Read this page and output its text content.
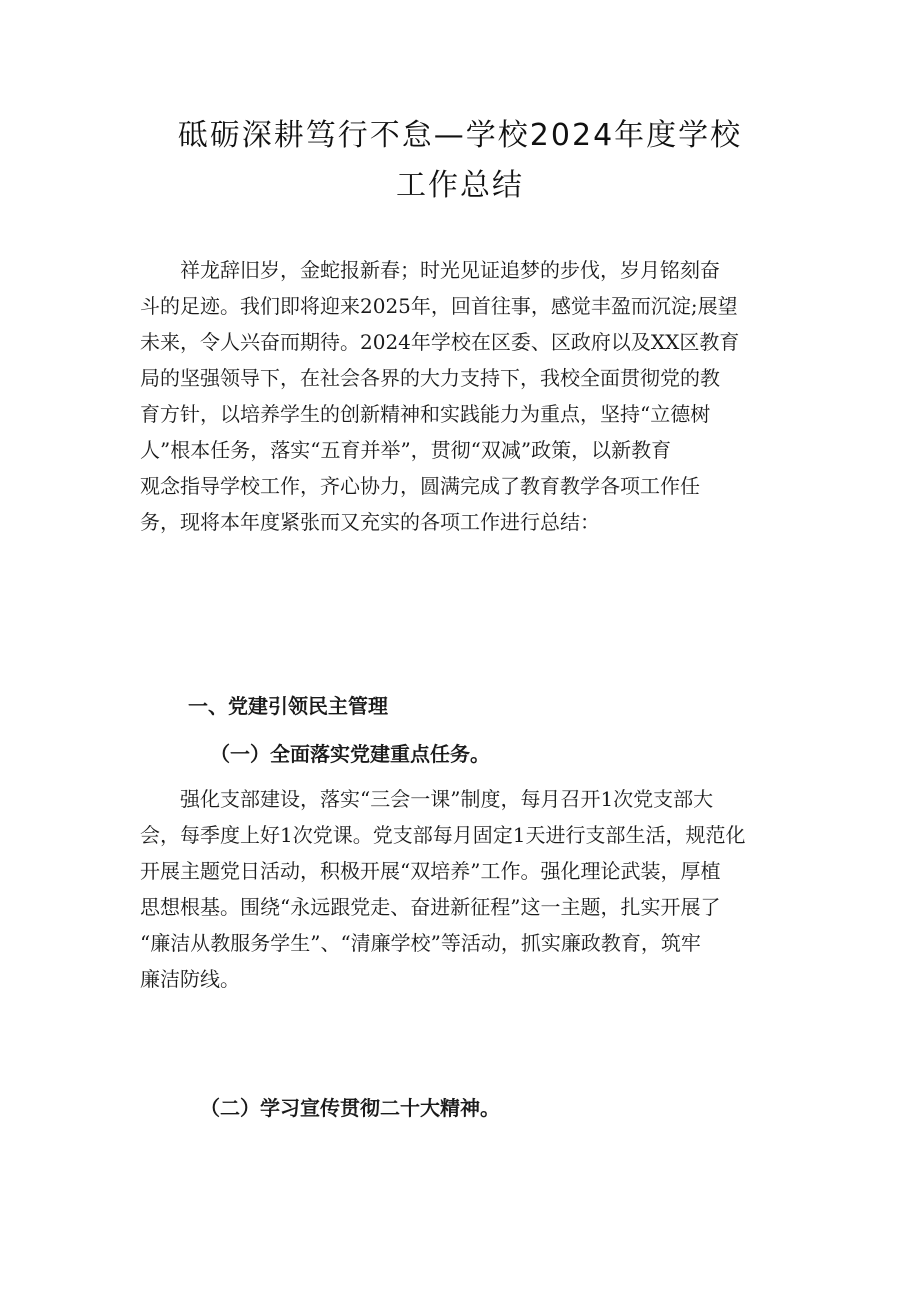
砥砺深耕笃行不怠—学校2024年度学校
工作总结
　　祥龙辞旧岁，金蛇报新春；时光见证追梦的步伐，岁月铭刻奋
斗的足迹。我们即将迎来2025年，回首往事，感觉丰盈而沉淀;展望
未来，令人兴奋而期待。2024年学校在区委、区政府以及XX区教育
局的坚强领导下，在社会各界的大力支持下，我校全面贯彻党的教
育方针，以培养学生的创新精神和实践能力为重点，坚持“立德树
人”根本任务，落实“五育并举”，贯彻“双减”政策，以新教育
观念指导学校工作，齐心协力，圆满完成了教育教学各项工作任
务，现将本年度紧张而又充实的各项工作进行总结：
一、党建引领民主管理
（一）全面落实党建重点任务。
　　强化支部建设，落实“三会一课”制度，每月召开1次党支部大
会，每季度上好1次党课。党支部每月固定1天进行支部生活，规范化
开展主题党日活动，积极开展“双培养”工作。强化理论武装，厚植
思想根基。围绕“永远跟党走、奋进新征程”这一主题，扎实开展了
“廉洁从教服务学生”、“清廉学校”等活动，抓实廉政教育，筑牢
廉洁防线。
（二）学习宣传贯彻二十大精神。
